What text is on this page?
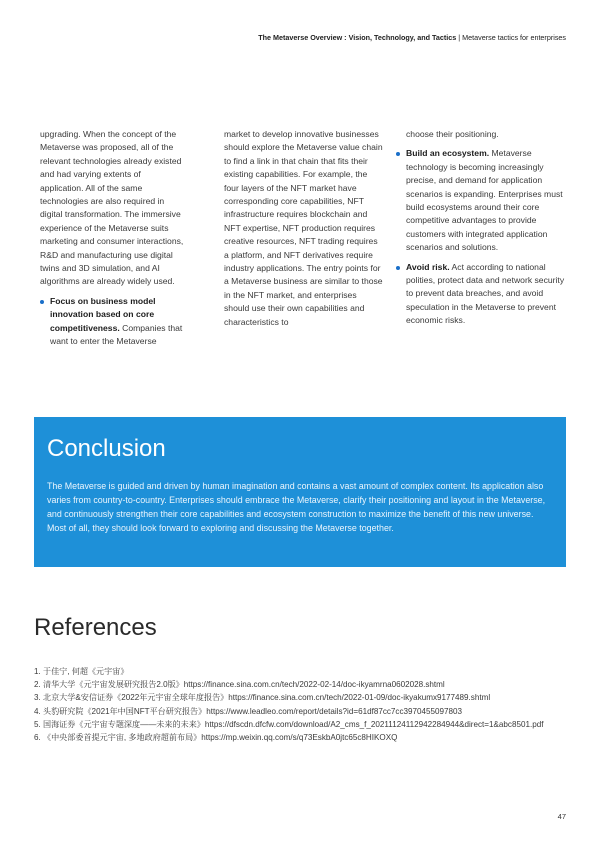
The Metaverse Overview : Vision, Technology, and Tactics | Metaverse tactics for enterprises

upgrading. When the concept of the Metaverse was proposed, all of the relevant technologies already existed and had varying extents of application. All of the same technologies are also required in digital transformation. The immersive experience of the Metaverse suits marketing and consumer interactions, R&D and manufacturing use digital twins and 3D simulation, and AI algorithms are already widely used.

Focus on business model innovation based on core competitiveness. Companies that want to enter the Metaverse

market to develop innovative businesses should explore the Metaverse value chain to find a link in that chain that fits their existing capabilities. For example, the four layers of the NFT market have corresponding core capabilities, NFT infrastructure requires blockchain and NFT expertise, NFT production requires creative resources, NFT trading requires a platform, and NFT derivatives require industry applications. The entry points for a Metaverse business are similar to those in the NFT market, and enterprises should use their own capabilities and characteristics to

choose their positioning.

Build an ecosystem. Metaverse technology is becoming increasingly precise, and demand for application scenarios is expanding. Enterprises must build ecosystems around their core competitive advantages to provide customers with integrated application scenarios and solutions.
Avoid risk. Act according to national polities, protect data and network security to prevent data breaches, and avoid speculation in the Metaverse to prevent economic risks.
Conclusion

The Metaverse is guided and driven by human imagination and contains a vast amount of complex content. Its application also varies from country-to-country. Enterprises should embrace the Metaverse, clarify their positioning and layout in the Metaverse, and continuously strengthen their core capabilities and ecosystem construction to maximize the benefit of this new universe. Most of all, they should look forward to exploring and discussing the Metaverse together.

References
1. 于佳宁, 何超《元宇宙》
2. 清华大学《元宇宙发展研究报告2.0版》https://finance.sina.com.cn/tech/2022-02-14/doc-ikyamrna0602028.shtml
3. 北京大学&安信证券《2022年元宇宙全球年度报告》https://finance.sina.com.cn/tech/2022-01-09/doc-ikyakumx9177489.shtml
4. 头豹研究院《2021年中国NFT平台研究报告》https://www.leadleo.com/report/details?id=61df87cc7cc3970455097803
5. 国海证券《元宇宙专题深度——未来的未来》https://dfscdn.dfcfw.com/download/A2_cms_f_20211124112942284944&direct=1&abc8501.pdf
6. 《中央部委首提元宇宙, 多地政府超前布局》https://mp.weixin.qq.com/s/q73EskbA0jtc65c8HIKOXQ
47
